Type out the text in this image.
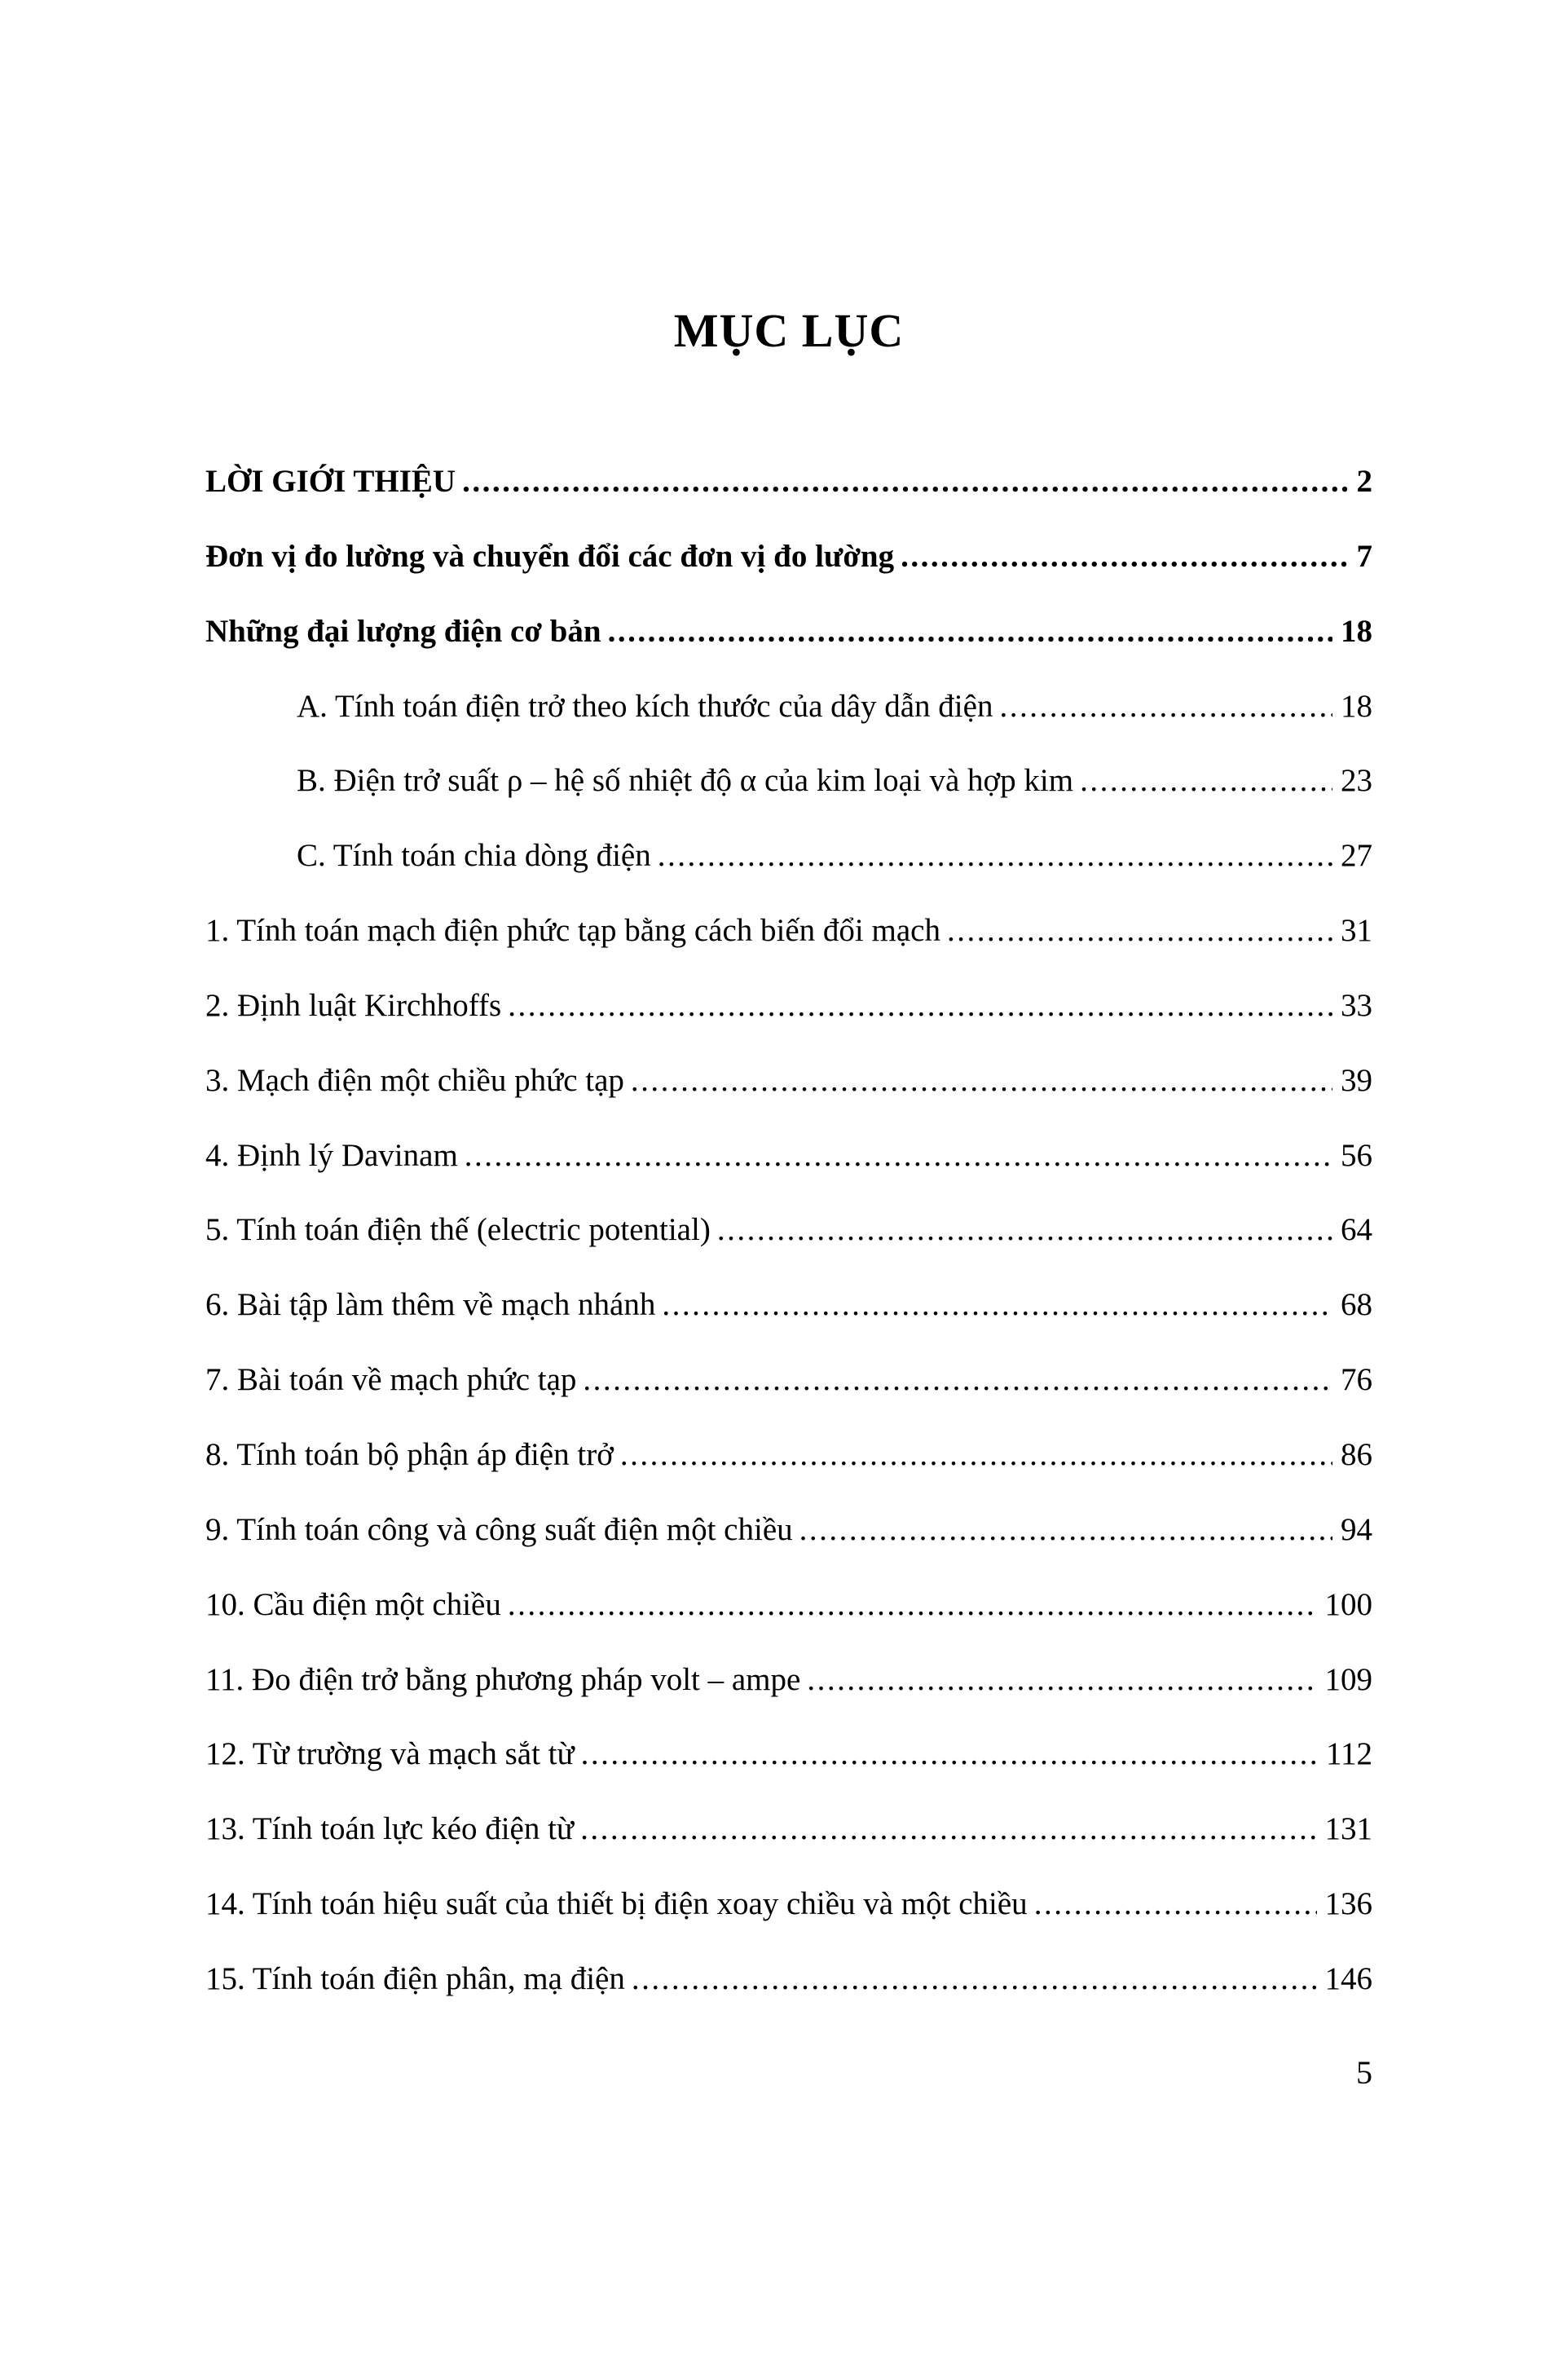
MỤC LỤC
LỜI GIỚI THIỆU .....	2
Đơn vị đo lường và chuyển đổi các đơn vị đo lường .....	7
Những đại lượng điện cơ bản .....	18
A. Tính toán điện trở theo kích thước của dây dẫn điện .....	18
B. Điện trở suất ρ – hệ số nhiệt độ α của kim loại và hợp kim .....	23
C. Tính toán chia dòng điện .....	27
1. Tính toán mạch điện phức tạp bằng cách biến đổi mạch .....	31
2. Định luật Kirchhoffs .....	33
3. Mạch điện một chiều phức tạp .....	39
4. Định lý Davinam .....	56
5. Tính toán điện thế (electric potential) .....	64
6. Bài tập làm thêm về mạch nhánh .....	68
7. Bài toán về mạch phức tạp .....	76
8. Tính toán bộ phận áp điện trở .....	86
9. Tính toán công và công suất điện một chiều .....	94
10. Cầu điện một chiều .....	100
11. Đo điện trở bằng phương pháp volt – ampe .....	109
12. Từ trường và mạch sắt từ .....	112
13. Tính toán lực kéo điện từ .....	131
14. Tính toán hiệu suất của thiết bị điện xoay chiều và một chiều .....	136
15. Tính toán điện phân, mạ điện .....	146
5
